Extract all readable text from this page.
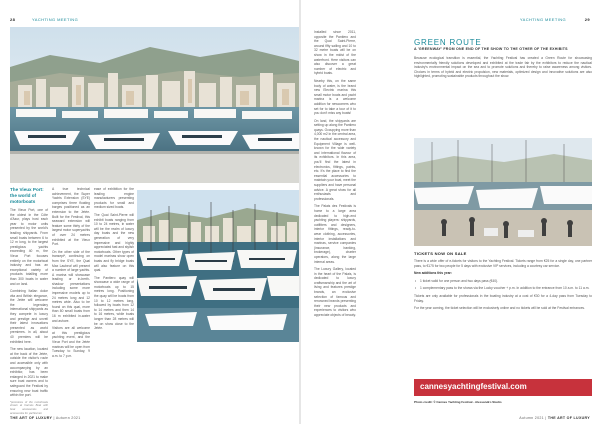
28	YACHTING MEETING
The Vieux Port: the world of motorboats

The Vieux Port, one of the oldest in the Côte d'Azur, plays host each year to motor units presented by the world's leading shipyards. From small boats between 6 to 12 m long, to the largest prestigious yachts exceeding 40 m, the Vieux Port focuses entirely on the motorboat industry and has an exceptional variety of products totalling more than 300 boats in water and on land.

Combining Italian dolce vita and British elegance, the Jetée will welcome the legendary international shipyards as they compete in luxury and prestige and unveil their latest innovations presented as world premieres. In all, about 40 premiers will be exhibited here.

The new location, located at the back of the Jetée, outside the visitor's route and accessible only with accompanying by an exhibitor, has been enlarged in 2021 to make sure boat owners and to safeguard the Festival by ensuring new boat traffic within the port.

*premieres of the motorboats shown at Cannes Boat with boat accessories and accessories for yachtsmen

A true technical achievement, the Super Yachts Extension (SYE) comprises three floating barges positioned as an extension to the Jetée. Built for the Festival, this seaward extension will feature some thirty of the largest motor superyachts of over 24 metres exhibited at the Vieux Port.

On the other side of the transept*, continuing on from the SYE, the Quai Max Laubeuf will present a number of large yachts. A marina will showcase leading or in-berth-shadow presentations including some more impressive models up to 24 metres long and 12 metres wide. Also to be found on this quai, more than 80 small boats from 16 m exhibited in-water and ashore.

Visitors are all welcome at this prestigious yachting event, and the Vieux Port and the Jetée marinas will be open from Tuesday to Sunday, 9 a.m. to 7 p.m.

ease of exhibition for the leading engine manufacturers presenting products for small and medium sized boats.

The Quai Saint-Pierre will exhibit boats ranging from 10 to 24 metres, in water will be the realm of luxury day boats and the new generation of very impressive and highly appreciated fast and stylish motorboats. Other types of model marinas show open boats and fly bridge boats will also feature on this quai.

The Pantiero quay will showcase a wide range of motorboats up to 15 metres long. Positioning the quay will be boats from 10 to 12 metres long, followed by boats from 12 to 14 metres and then 14 to 16 metres, while boats longer than 28 metres will be on show close to the Jetée.

THE ART OF LUXURY | Autumn 2021
YACHTING MEETING	29

Installed since 2011, opposite the Pantiero and the Quai Saint-Pierre, around fifty sailing and 10 to 32 metre boats will be on show in the midst of the waterfront. Here visitors can also discover a great number of electric and hybrid boats.

Nearby this, on the same body of water, is the brand new Electric marina this small motor boats and yacht marina is a welcome addition for newcomers who set for to take a tour of it to you don't miss any boats!

On land, the shipyards are setting up along the Pantiero quays. Occupying more than 4,000 m2 in the central area, the nautical accessory and Equipment Village is well-known for the wide variety and international flavour of its exhibitors. In this area, you'll find the latest in electronics, fittings, paints, etc. It's the place to find the essential accessories to maintain your boat, meet the suppliers and have personal advice. A great show for all enthusiasts and professionals.

The Palais des Festivals is home to a large area dedicated to high-end yachting players: shipyards, outfitters and designers, interior fittings, ready-to-wear clothing, accessories, interior installations and marinas, service companies (insurance, banking, brokerage), charter operators, along the large internal areas.

The Luxury Gallery, located in the heart of the Palais, is dedicated to luxury craftsmanship and the art of living and features prestige brands, an exclusive selection of famous and renowned brands presenting their new products and experiences to visitors who appreciate objects of beauty.

GREEN ROUTE
A 'GREENWAY' FROM ONE END OF THE SHOW TO THE OTHER OF THE EXHIBITS

Because ecological transition is essential, the Yachting Festival has created a Green Route for showcasing environmentally friendly solutions developed and exhibited at the trade fair by the exhibitors to reduce the nautical industry's environmental impact on the sea and to promote solutions and thereby to raise awareness among visitors. Choices in terms of hybrid and electric propulsion, new materials, optimized design and innovative solutions are also highlighted, promoting sustainable products throughout the show.

TICKETS NOW ON SALE

There is a wide offer of e-tickets for visitors to the Yachting Festival. Tickets range from €25 for a single day, one partner pass, to €175 for two people for 5 days with exclusive VIP services, including a courtesy car service.

New additions this year:

• 1 ticket valid for one person and two days pass (€40).

• 1 complementary pass to the shows via the Lucky voucher + p.m. In addition to the entrance from 10 a.m. to 11 a.m.

Tickets are only available for professionals in the boating industry at a cost of €30 for a 4-day pass from Tuesday to Friday.

For the year coming, the ticket selection will be exclusively online and no tickets will be sold at the Festival entrances.

cannesyachtingfestival.com
Photo credit: © Cannes Yachting Festival - Alessandro Studio
Autumn 2021 | THE ART OF LUXURY
